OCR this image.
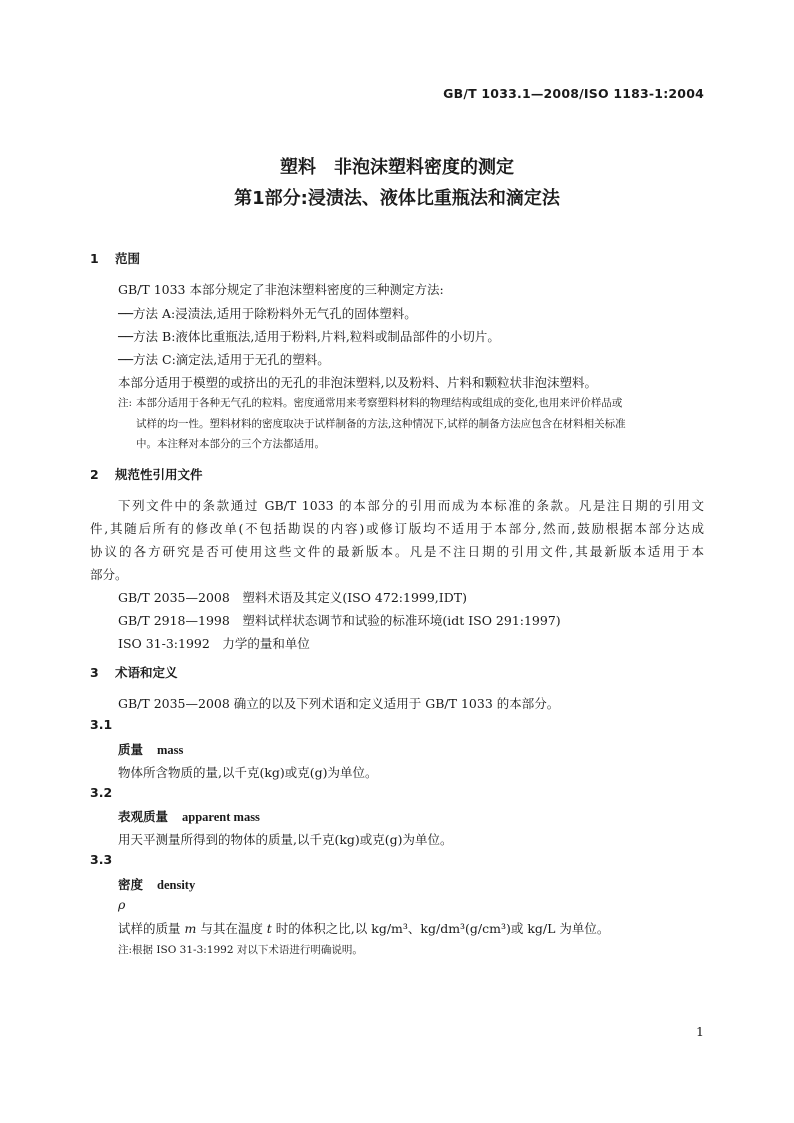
GB/T 1033.1—2008/ISO 1183-1:2004
塑料　非泡沫塑料密度的测定
第1部分:浸渍法、液体比重瓶法和滴定法
1 范围
GB/T 1033 本部分规定了非泡沫塑料密度的三种测定方法:
──方法 A:浸渍法,适用于除粉料外无气孔的固体塑料。
──方法 B:液体比重瓶法,适用于粉料,片料,粒料或制品部件的小切片。
──方法 C:滴定法,适用于无孔的塑料。
本部分适用于模塑的或挤出的无孔的非泡沫塑料,以及粉料、片料和颗粒状非泡沫塑料。
注: 本部分适用于各种无气孔的粒料。密度通常用来考察塑料材料的物理结构或组成的变化,也用来评价样品或
试样的均一性。塑料材料的密度取决于试样制备的方法,这种情况下,试样的制备方法应包含在材料相关标准
中。本注释对本部分的三个方法都适用。
2 规范性引用文件
下列文件中的条款通过 GB/T 1033 的本部分的引用而成为本标准的条款。凡是注日期的引用文
件,其随后所有的修改单(不包括勘误的内容)或修订版均不适用于本部分,然而,鼓励根据本部分达成
协议的各方研究是否可使用这些文件的最新版本。凡是不注日期的引用文件,其最新版本适用于本
部分。
GB/T 2035—2008　塑料术语及其定义(ISO 472:1999,IDT)
GB/T 2918—1998　塑料试样状态调节和试验的标准环境(idt ISO 291:1997)
ISO 31-3:1992　力学的量和单位
3 术语和定义
GB/T 2035—2008 确立的以及下列术语和定义适用于 GB/T 1033 的本部分。
3.1
质量 mass
物体所含物质的量,以千克(kg)或克(g)为单位。
3.2
表观质量 apparent mass
用天平测量所得到的物体的质量,以千克(kg)或克(g)为单位。
3.3
密度 density
ρ
试样的质量 m 与其在温度 t 时的体积之比,以 kg/m³、kg/dm³(g/cm³)或 kg/L 为单位。
注:根据 ISO 31-3:1992 对以下术语进行明确说明。
1
